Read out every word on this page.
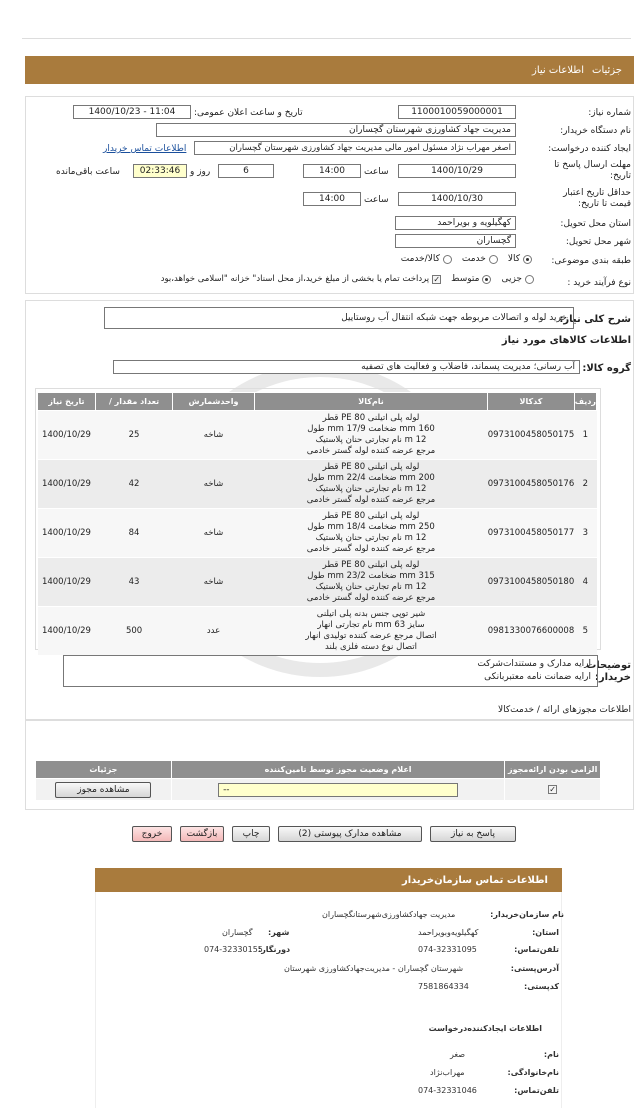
جزئیات
اطلاعات نیاز
شماره نیاز:
1100010059000001
تاریخ و ساعت اعلان عمومی:
1400/10/23 - 11:04
نام دستگاه خریدار:
مدیریت جهاد کشاورزی شهرستان گچساران
ایجاد کننده درخواست:
اصغر مهراب نژاد مسئول امور مالی مدیریت جهاد کشاورزی شهرستان گچساران
اطلاعات تماس خریدار
مهلت ارسال پاسخ تا تاریخ:
1400/10/29
ساعت
14:00
6
روز و
02:33:46
ساعت باقی‌مانده
حداقل تاریخ اعتبار قیمت تا تاریخ:
1400/10/30
ساعت
14:00
استان محل تحویل:
کهگیلویه و بویراحمد
شهر محل تحویل:
گچساران
طبقه بندی موضوعی:
کالا
خدمت
کالا/خدمت
نوع فرآیند خرید :
جزیی
متوسط
✓
پرداخت تمام یا بخشی از مبلغ خرید،از محل اسناد" خزانه "اسلامی خواهد،بود
شرح کلی نیاز:
خرید لوله و اتصالات مربوطه جهت شبکه انتقال آب روستاییل
اطلاعات کالاهای مورد نیاز
گروه کالا:
آب رسانی؛ مدیریت پسماند، فاضلاب و فعالیت های تصفیه
ردیف	کدکالا	نام‌کالا	واحدشمارش	تعداد مقدار /	تاریخ نیاز
1	0973100458050175	لوله پلی اتیلنی PE 80 قطر
160 mm ضخامت 17/9 mm طول
12 m نام تجارتی حنان پلاستیک
مرجع عرضه کننده لوله گستر خادمی	شاخه	25	1400/10/29
2	0973100458050176	لوله پلی اتیلنی PE 80 قطر
200 mm ضخامت 22/4 mm طول
12 m نام تجارتی حنان پلاستیک
مرجع عرضه کننده لوله گستر خادمی	شاخه	42	1400/10/29
3	0973100458050177	لوله پلی اتیلنی PE 80 قطر
250 mm ضخامت 18/4 mm طول
12 m نام تجارتی حنان پلاستیک
مرجع عرضه کننده لوله گستر خادمی	شاخه	84	1400/10/29
4	0973100458050180	لوله پلی اتیلنی PE 80 قطر
315 mm ضخامت 23/2 mm طول
12 m نام تجارتی حنان پلاستیک
مرجع عرضه کننده لوله گستر خادمی	شاخه	43	1400/10/29
5	0981330076600008	شیر توپی جنس بدنه پلی اتیلنی
سایز 63 mm نام تجارتی انهار
اتصال مرجع عرضه کننده تولیدی انهار
اتصال نوع دسته فلزی بلند	عدد	500	1400/10/29
توضیحات خریدار:
ارایه مدارک و مستندات‌شرکت
ارایه ضمانت نامه معتبربانکی
اطلاعات مجوزهای ارائه / خدمت‌کالا
الزامی بودن ارائه‌مجوز	اعلام وضعیت مجوز توسط تامین‌کننده	جزئیات
✓	--	مشاهده مجوز
پاسخ به نیاز
مشاهده مدارک پیوستی (2)
چاپ
بازگشت
خروج
اطلاعات تماس سازمان‌خریدار
نام سازمان‌خریدار:
مدیریت جهادکشاورزی‌شهرستانگچساران
استان:
کهگیلویه‌وبویراحمد
شهر:
گچساران
تلفن‌تماس:
074-32331095
دورنگار:
074-32330155
آدرس‌پستی:
شهرستان گچساران - مدیریت‌جهادکشاورزی شهرستان
کدپستی:
7581864334
اطلاعات ایجادکننده‌درخواست
نام:
صغر
نام‌خانوادگی:
مهراب‌نژاد
تلفن‌تماس:
074-32331046
